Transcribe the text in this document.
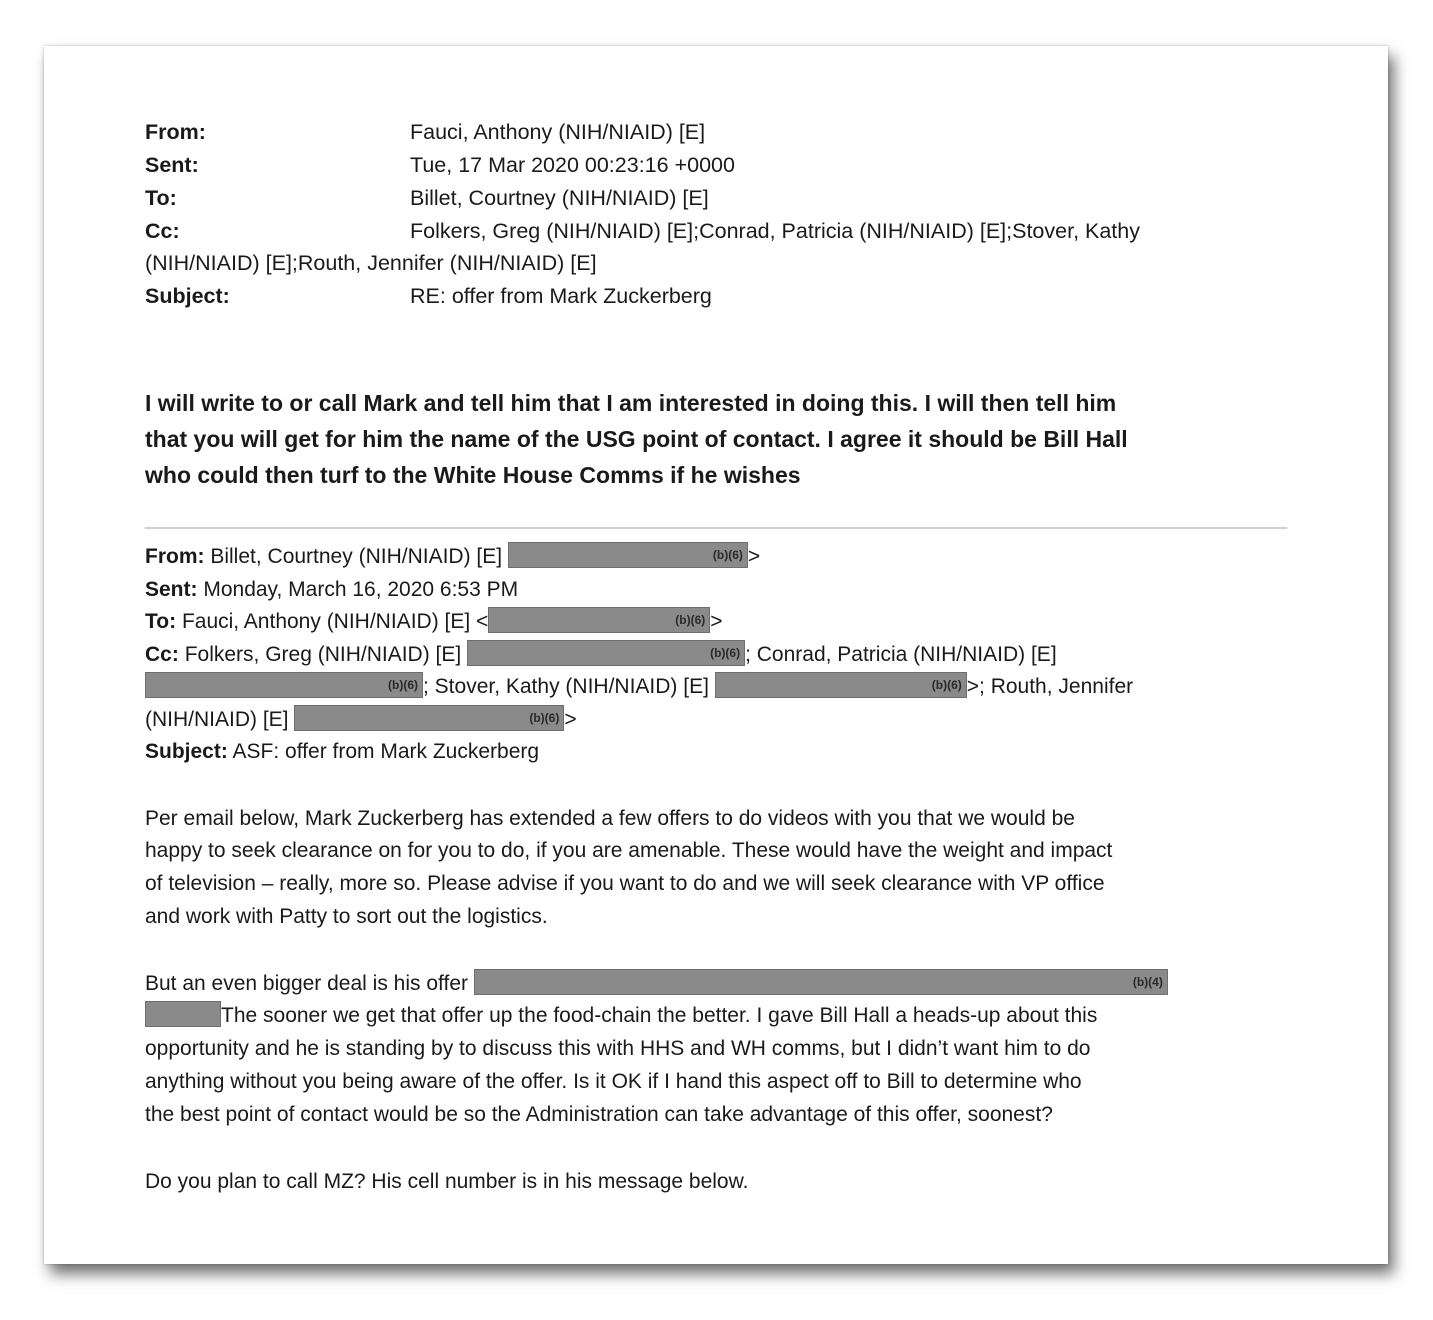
From:	Fauci, Anthony (NIH/NIAID) [E]
Sent:	Tue, 17 Mar 2020 00:23:16 +0000
To:	Billet, Courtney (NIH/NIAID) [E]
Cc:	Folkers, Greg (NIH/NIAID) [E];Conrad, Patricia (NIH/NIAID) [E];Stover, Kathy
(NIH/NIAID) [E];Routh, Jennifer (NIH/NIAID) [E]
Subject:	RE: offer from Mark Zuckerberg
I will write to or call Mark and tell him that I am interested in doing this. I will then tell him
that you will get for him the name of the USG point of contact. I agree it should be Bill Hall
who could then turf to the White House Comms if he wishes
From: Billet, Courtney (NIH/NIAID) [E]	(b)(6) >
Sent: Monday, March 16, 2020 6:53 PM
To: Fauci, Anthony (NIH/NIAID) [E] <	(b)(6) >
Cc: Folkers, Greg (NIH/NIAID) [E]	(b)(6) ; Conrad, Patricia (NIH/NIAID) [E]
(b)(6) ; Stover, Kathy (NIH/NIAID) [E]	(b)(6) >; Routh, Jennifer
(NIH/NIAID) [E]	(b)(6) >
Subject: ASF: offer from Mark Zuckerberg
Per email below, Mark Zuckerberg has extended a few offers to do videos with you that we would be
happy to seek clearance on for you to do, if you are amenable. These would have the weight and impact
of television – really, more so. Please advise if you want to do and we will seek clearance with VP office
and work with Patty to sort out the logistics.
But an even bigger deal is his offer	(b)(4)
The sooner we get that offer up the food-chain the better. I gave Bill Hall a heads-up about this
opportunity and he is standing by to discuss this with HHS and WH comms, but I didn’t want him to do
anything without you being aware of the offer. Is it OK if I hand this aspect off to Bill to determine who
the best point of contact would be so the Administration can take advantage of this offer, soonest?
Do you plan to call MZ? His cell number is in his message below.
